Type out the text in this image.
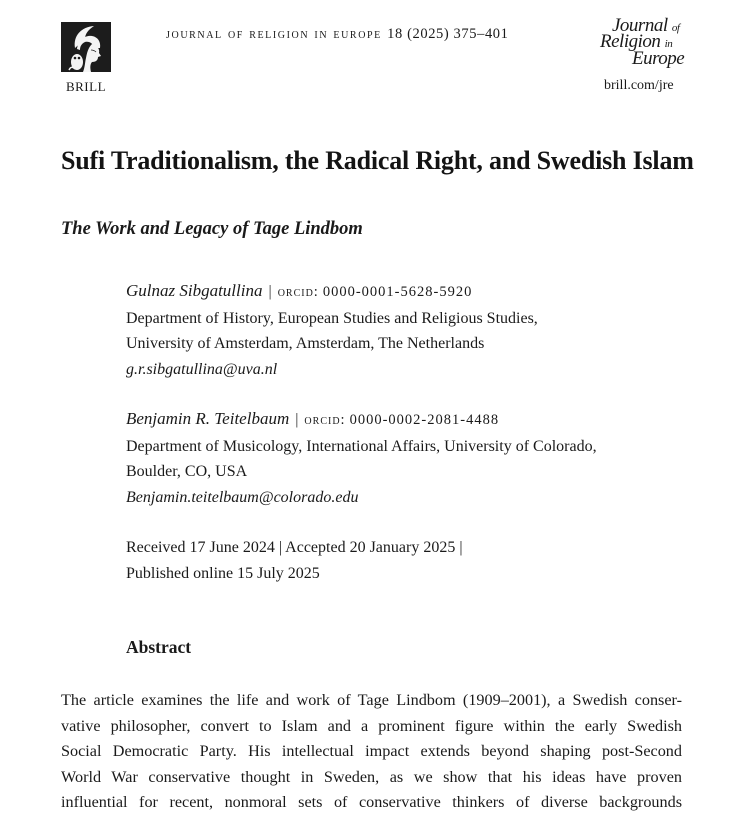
BRILL
journal of religion in europe 18 (2025) 375–401	Journal of
Religion in
Europe
brill.com/jre
Sufi Traditionalism, the Radical Right, and Swedish Islam
The Work and Legacy of Tage Lindbom
Gulnaz Sibgatullina | orcid: 0000-0001-5628-5920
Department of History, European Studies and Religious Studies,
University of Amsterdam, Amsterdam, The Netherlands
g.r.sibgatullina@uva.nl
Benjamin R. Teitelbaum | orcid: 0000-0002-2081-4488
Department of Musicology, International Affairs, University of Colorado,
Boulder, CO, USA
Benjamin.teitelbaum@colorado.edu
Received 17 June 2024 | Accepted 20 January 2025 |
Published online 15 July 2025
Abstract
The article examines the life and work of Tage Lindbom (1909–2001), a Swedish conser-
vative philosopher, convert to Islam and a prominent figure within the early Swedish
Social Democratic Party. His intellectual impact extends beyond shaping post-Second
World War conservative thought in Sweden, as we show that his ideas have proven
influential for recent, nonmoral sets of conservative thinkers of diverse backgrounds
